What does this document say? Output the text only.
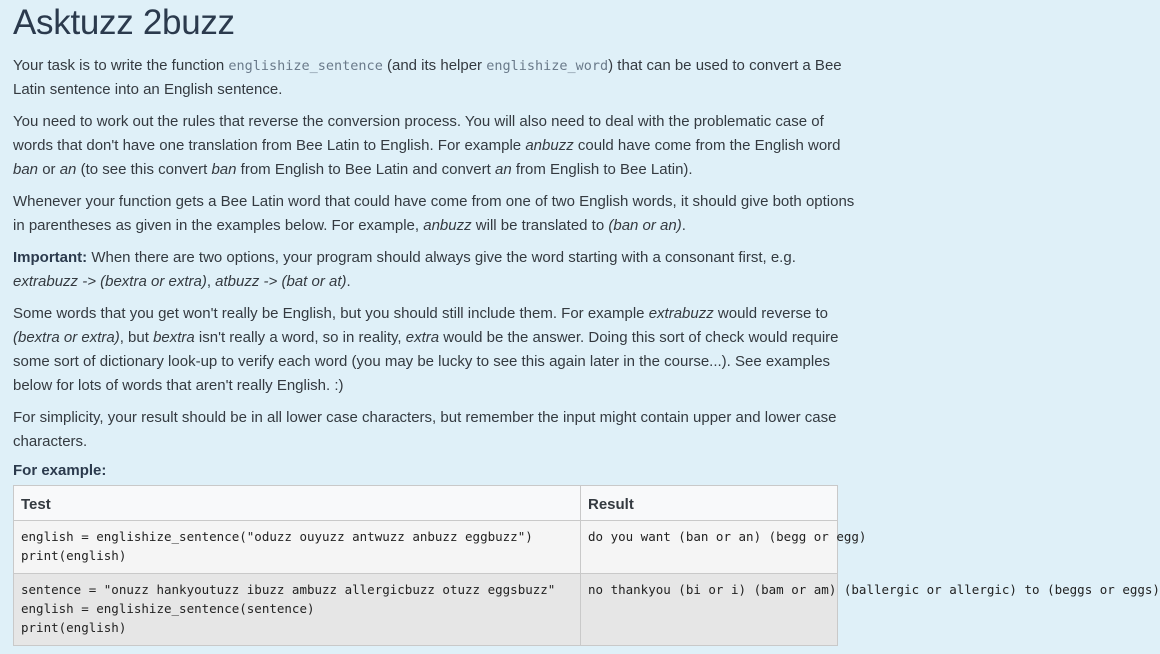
Asktuzz 2buzz

Your task is to write the function englishize_sentence (and its helper englishize_word) that can be used to convert a Bee Latin sentence into an English sentence.

You need to work out the rules that reverse the conversion process. You will also need to deal with the problematic case of words that don't have one translation from Bee Latin to English. For example anbuzz could have come from the English word ban or an (to see this convert ban from English to Bee Latin and convert an from English to Bee Latin).

Whenever your function gets a Bee Latin word that could have come from one of two English words, it should give both options in parentheses as given in the examples below. For example, anbuzz will be translated to (ban or an).

Important: When there are two options, your program should always give the word starting with a consonant first, e.g. extrabuzz -> (bextra or extra), atbuzz -> (bat or at).

Some words that you get won't really be English, but you should still include them. For example extrabuzz would reverse to (bextra or extra), but bextra isn't really a word, so in reality, extra would be the answer. Doing this sort of check would require some sort of dictionary look-up to verify each word (you may be lucky to see this again later in the course...). See examples below for lots of words that aren't really English. :)

For simplicity, your result should be in all lower case characters, but remember the input might contain upper and lower case characters.

For example:
Test	Result
english = englishize_sentence("oduzz ouyuzz antwuzz anbuzz eggbuzz")
print(english)	do you want (ban or an) (begg or egg)
sentence = "onuzz hankyoutuzz ibuzz ambuzz allergicbuzz otuzz eggsbuzz"
english = englishize_sentence(sentence)
print(english)	no thankyou (bi or i) (bam or am) (ballergic or allergic) to (beggs or eggs)
